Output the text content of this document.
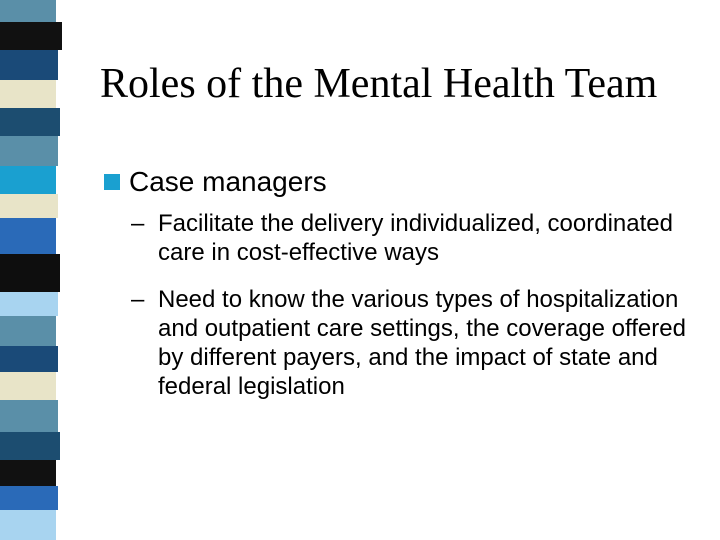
Roles of the Mental Health Team
Case managers
– Facilitate the delivery individualized, coordinated care in cost-effective ways
– Need to know the various types of hospitalization and outpatient care settings, the coverage offered by different payers, and the impact of state and federal legislation
